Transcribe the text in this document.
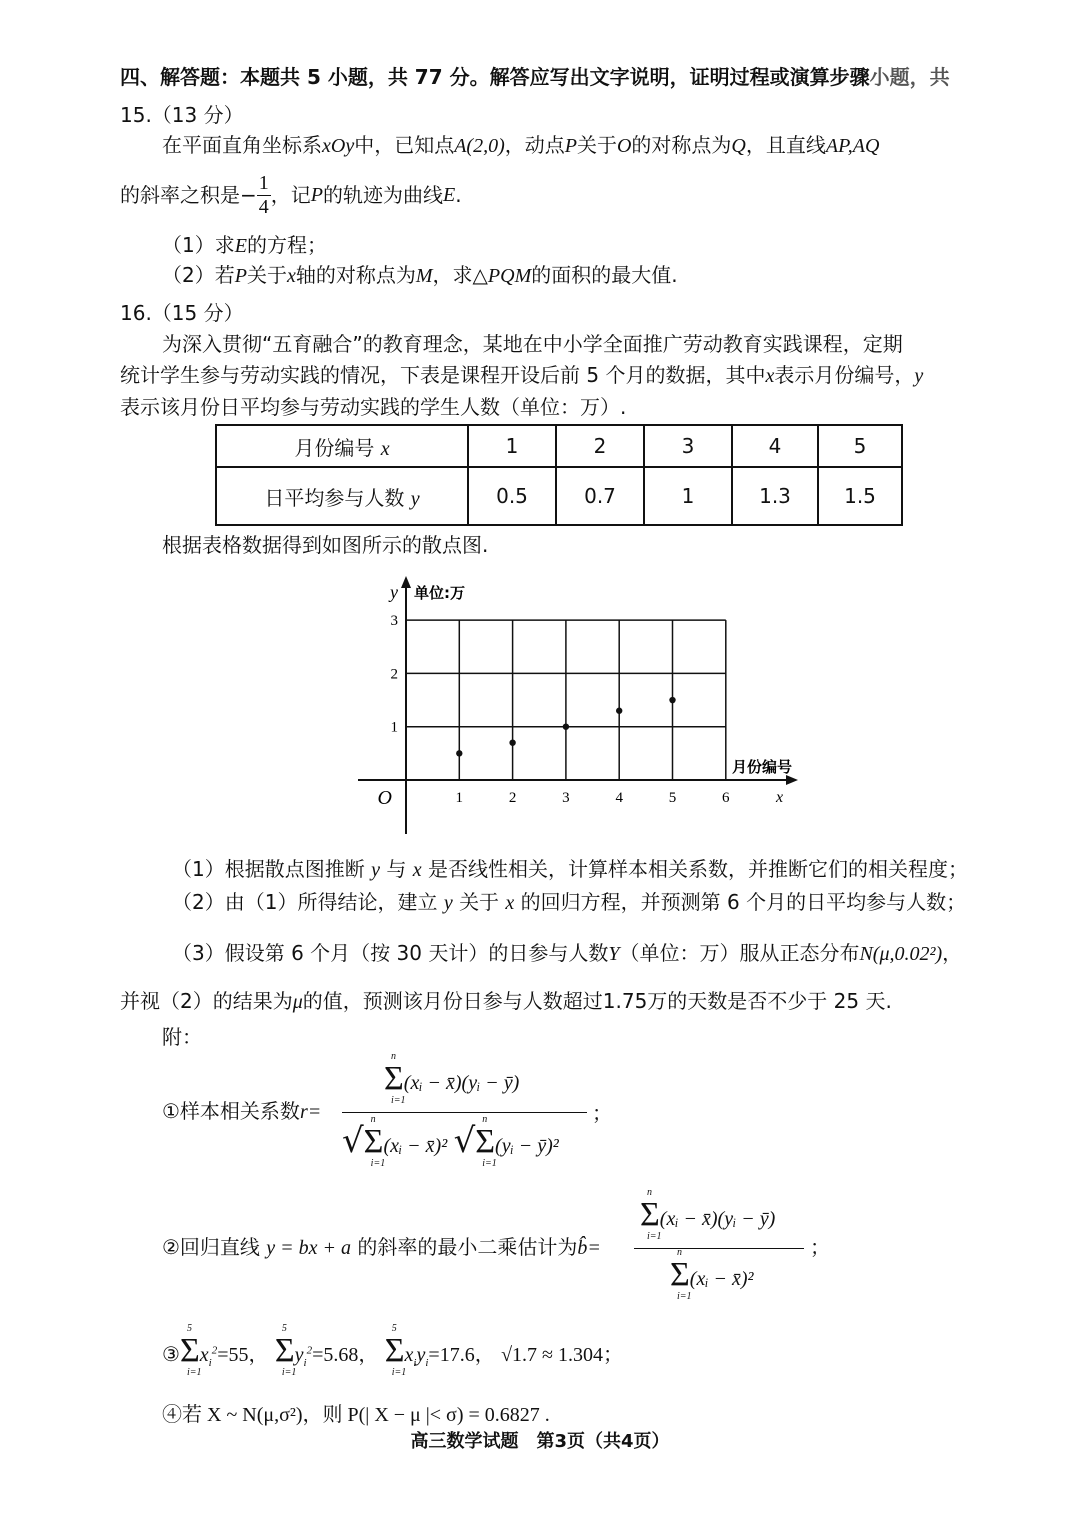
四、解答题：本题共 5 小题，共 77 分。解答应写出文字说明，证明过程或演算步骤小题，共
15.（13 分）
在平面直角坐标系xOy中，已知点A(2,0)，动点P关于O的对称点为Q，且直线AP,AQ
的斜率之积是− $\frac{1}{4}$ ，记P的轨迹为曲线E.
（1）求E的方程；
（2）若P关于x轴的对称点为M，求△PQM的面积的最大值.
16.（15 分）
为深入贯彻“五育融合”的教育理念，某地在中小学全面推广劳动教育实践课程，定期
统计学生参与劳动实践的情况，下表是课程开设后前 5 个月的数据，其中x表示月份编号，y
表示该月份日平均参与劳动实践的学生人数（单位：万）.
月份编号 x	1	2	3	4	5
日平均参与人数 y	0.5	0.7	1	1.3	1.5
根据表格数据得到如图所示的散点图.
1	2	3	4	5	6
1
2
3
O
y 单位:万
月份编号
x
（1）根据散点图推断 y 与 x 是否线性相关，计算样本相关系数，并推断它们的相关程度；
（2）由（1）所得结论，建立 y 关于 x 的回归方程，并预测第 6 个月的日平均参与人数；
（3）假设第 6 个月（按 30 天计）的日参与人数Y（单位：万）服从正态分布N(μ,0.02²)，
并视（2）的结果为μ的值，预测该月份日参与人数超过1.75万的天数是否不少于 25 天.
附：
①样本相关系数r=
Σ
n
i=1
(xᵢ − x̄)(yᵢ − ȳ)
√Σ
n
i=1
(xᵢ − x̄)² √Σ
n
i=1
(yᵢ − ȳ)²
；
②回归直线 y = bx + a 的斜率的最小二乘估计为b̂=
Σ
n
i=1
(xᵢ − x̄)(yᵢ − ȳ)
Σ
n
i=1
(xᵢ − x̄)²
；
③Σ
5
i=1
$x_i^2=55$， Σ
5
i=1
$y_i^2=5.68$， Σ
5
i=1
$x_iy_i=17.6$， √1.7 ≈ 1.304；
④若 X ~ N(μ,σ²)，则 P(| X − μ |< σ) = 0.6827 .
高三数学试题　第3页（共4页）
